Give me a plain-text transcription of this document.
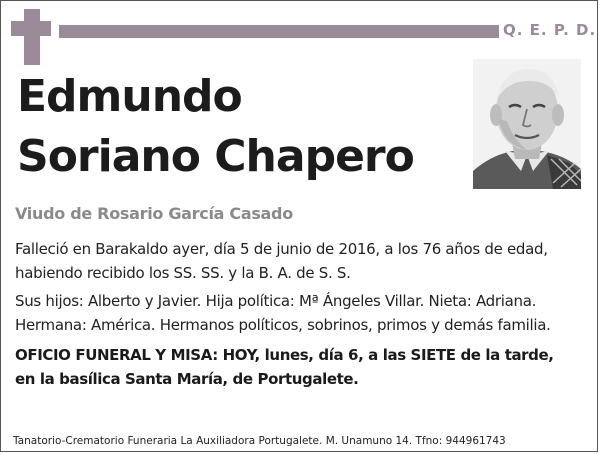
Q. E. P. D.
Edmundo
Soriano Chapero
Viudo de Rosario García Casado
Falleció en Barakaldo ayer, día 5 de junio de 2016, a los 76 años de edad,
habiendo recibido los SS. SS. y la B. A. de S. S.
Sus hijos: Alberto y Javier. Hija política: Mª Ángeles Villar. Nieta: Adriana.
Hermana: América. Hermanos políticos, sobrinos, primos y demás familia.
OFICIO FUNERAL Y MISA: HOY, lunes, día 6, a las SIETE de la tarde,
en la basílica Santa María, de Portugalete.
Tanatorio-Crematorio Funeraria La Auxiliadora Portugalete. M. Unamuno 14. Tfno: 944961743
